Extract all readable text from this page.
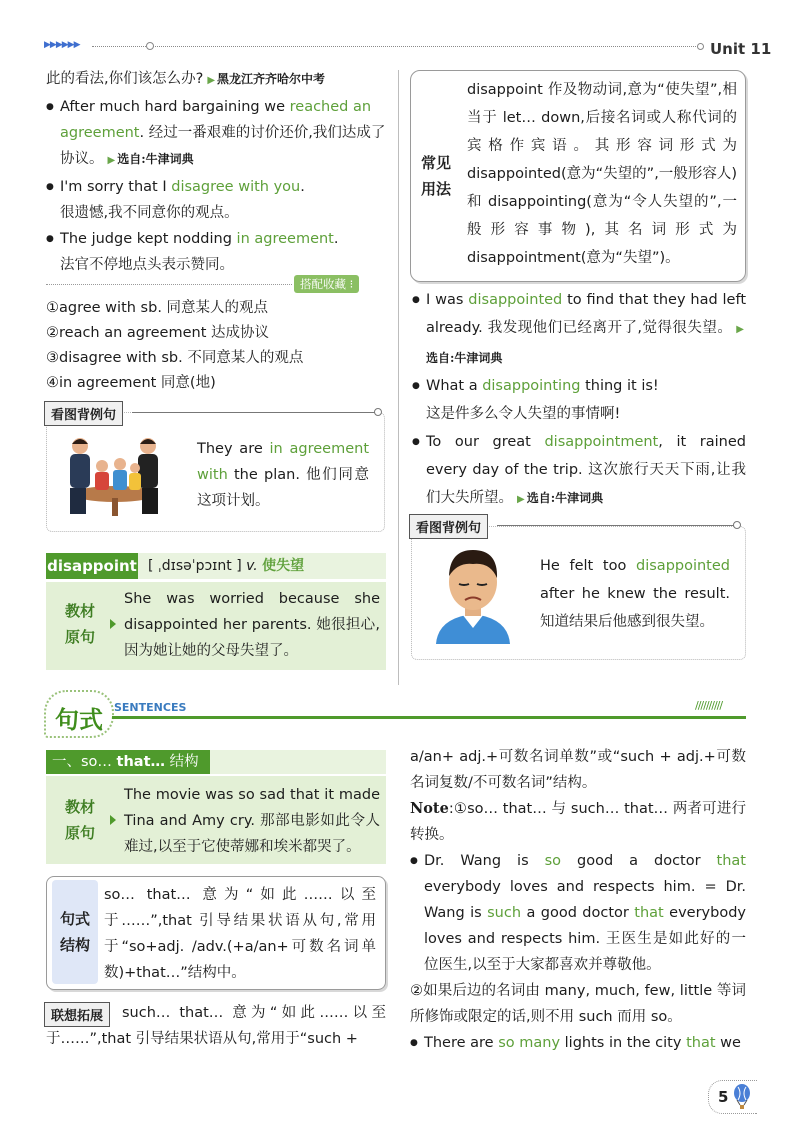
▶▶▶▶▶▶	Unit 11
此的看法,你们该怎么办? ▶ 黑龙江齐齐哈尔中考
● After much hard bargaining we reached an agreement. 经过一番艰难的讨价还价,我们达成了协议。 ▶ 选自:牛津词典
● I'm sorry that I disagree with you.
很遗憾,我不同意你的观点。
● The judge kept nodding in agreement.
法官不停地点头表示赞同。
搭配收藏 ⁝
①agree with sb. 同意某人的观点
②reach an agreement 达成协议
③disagree with sb. 不同意某人的观点
④in agreement 同意(地)
看图背例句
They are in agreement with the plan. 他们同意这项计划。
disappoint [ ˌdɪsəˈpɔɪnt ] v. 使失望
教材
原句
She was worried because she disappointed her parents. 她很担心,因为她让她的父母失望了。
常见
用法
disappoint 作及物动词,意为“使失望”,相当于 let… down,后接名词或人称代词的宾格作宾语。其形容词形式为 disappointed(意为“失望的”,一般形容人)和 disappointing(意为“令人失望的”,一般形容事物),其名词形式为 disappointment(意为“失望”)。
● I was disappointed to find that they had left already. 我发现他们已经离开了,觉得很失望。 ▶选自:牛津词典
● What a disappointing thing it is!
这是件多么令人失望的事情啊!
● To our great disappointment, it rained every day of the trip. 这次旅行天天下雨,让我们大失所望。 ▶ 选自:牛津词典
看图背例句
He felt too disappointed after he knew the result. 知道结果后他感到很失望。
句式 SENTENCES	//////////
一、so… that… 结构
教材
原句
The movie was so sad that it made Tina and Amy cry. 那部电影如此令人难过,以至于它使蒂娜和埃米都哭了。
句式
结构
so… that… 意为“如此……以至于……”,that 引导结果状语从句,常用于“so+adj. /adv.(+a/an+可数名词单数)+that…”结构中。
联想拓展	such… that… 意为“如此……以至于……”,that 引导结果状语从句,常用于“such +
a/an+ adj.+可数名词单数”或“such + adj.+可数名词复数/不可数名词”结构。
Note:①so… that… 与 such… that… 两者可进行转换。
● Dr. Wang is so good a doctor that everybody loves and respects him. = Dr. Wang is such a good doctor that everybody loves and respects him. 王医生是如此好的一位医生,以至于大家都喜欢并尊敬他。
②如果后边的名词由 many, much, few, little 等词所修饰或限定的话,则不用 such 而用 so。
● There are so many lights in the city that we
5
